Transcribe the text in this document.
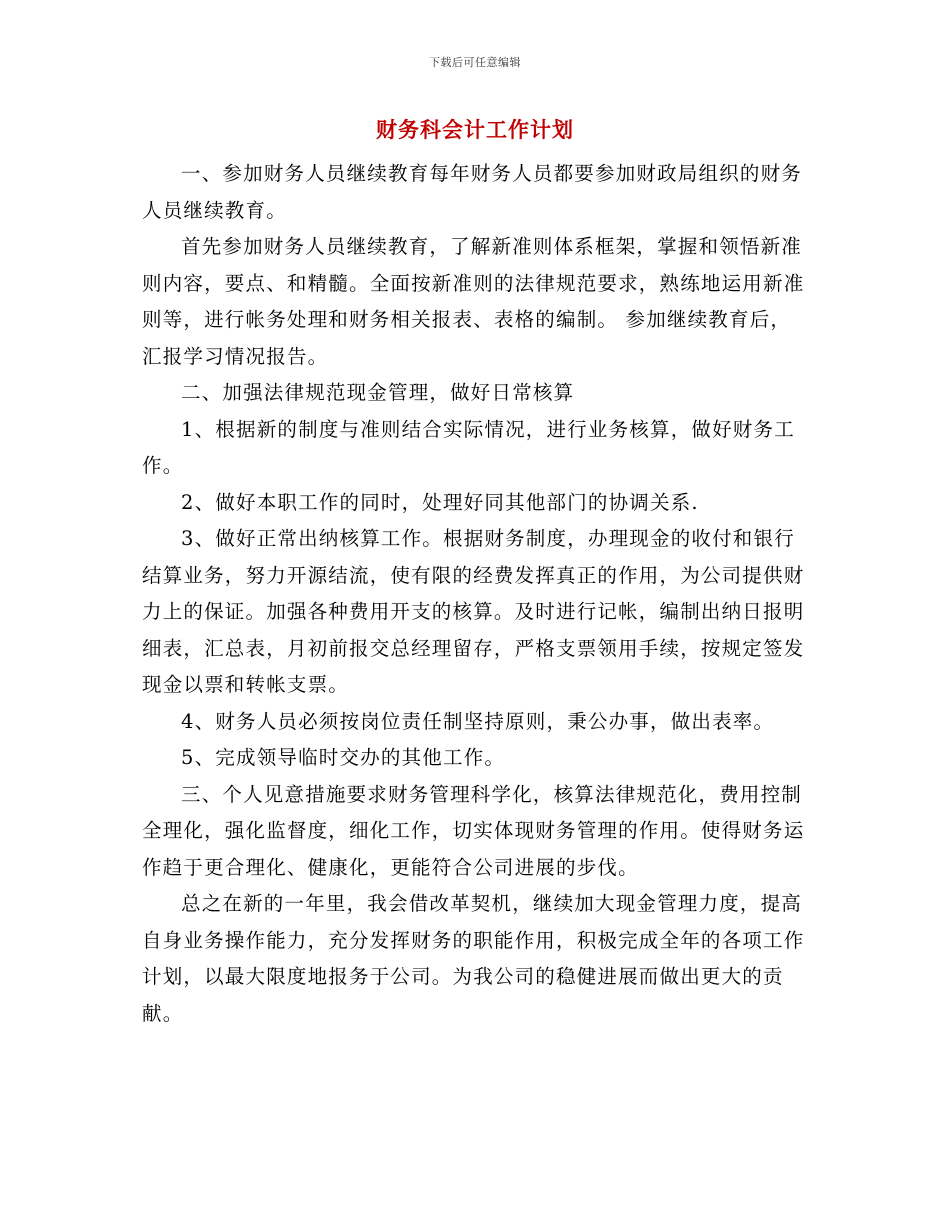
下载后可任意编辑
财务科会计工作计划

一、参加财务人员继续教育每年财务人员都要参加财政局组织的财务人员继续教育。

首先参加财务人员继续教育，了解新准则体系框架，掌握和领悟新准则内容，要点、和精髓。全面按新准则的法律规范要求，熟练地运用新准则等，进行帐务处理和财务相关报表、表格的编制。 参加继续教育后，汇报学习情况报告。

二、加强法律规范现金管理，做好日常核算

1、根据新的制度与准则结合实际情况，进行业务核算，做好财务工作。

2、做好本职工作的同时，处理好同其他部门的协调关系.

3、做好正常出纳核算工作。根据财务制度，办理现金的收付和银行结算业务，努力开源结流，使有限的经费发挥真正的作用，为公司提供财力上的保证。加强各种费用开支的核算。及时进行记帐，编制出纳日报明细表，汇总表，月初前报交总经理留存，严格支票领用手续，按规定签发现金以票和转帐支票。

4、财务人员必须按岗位责任制坚持原则，秉公办事，做出表率。

5、完成领导临时交办的其他工作。

三、个人见意措施要求财务管理科学化，核算法律规范化，费用控制全理化，强化监督度，细化工作，切实体现财务管理的作用。使得财务运作趋于更合理化、健康化，更能符合公司进展的步伐。

总之在新的一年里，我会借改革契机，继续加大现金管理力度，提高自身业务操作能力，充分发挥财务的职能作用，积极完成全年的各项工作计划，以最大限度地报务于公司。为我公司的稳健进展而做出更大的贡献。
